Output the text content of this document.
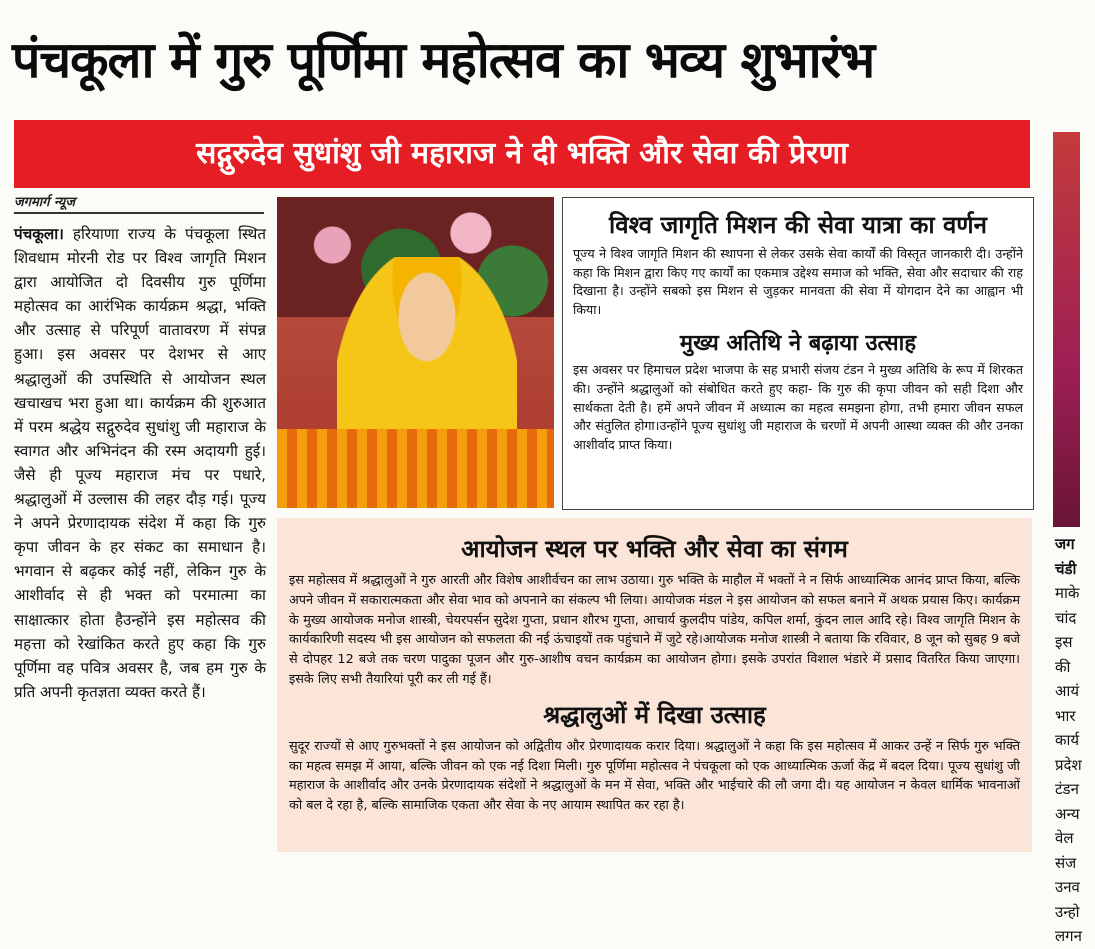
पंचकूला में गुरु पूर्णिमा महोत्सव का भव्य शुभारंभ
सद्गुरुदेव सुधांशु जी महाराज ने दी भक्ति और सेवा की प्रेरणा
जगमार्ग न्यूज
पंचकूला। हरियाणा राज्य के पंचकूला स्थित शिवधाम मोरनी रोड पर विश्व जागृति मिशन द्वारा आयोजित दो दिवसीय गुरु पूर्णिमा महोत्सव का आरंभिक कार्यक्रम श्रद्धा, भक्ति और उत्साह से परिपूर्ण वातावरण में संपन्न हुआ। इस अवसर पर देशभर से आए श्रद्धालुओं की उपस्थिति से आयोजन स्थल खचाखच भरा हुआ था। कार्यक्रम की शुरुआत में परम श्रद्धेय सद्गुरुदेव सुधांशु जी महाराज के स्वागत और अभिनंदन की रस्म अदायगी हुई। जैसे ही पूज्य महाराज मंच पर पधारे, श्रद्धालुओं में उल्लास की लहर दौड़ गई। पूज्य ने अपने प्रेरणादायक संदेश में कहा कि गुरु कृपा जीवन के हर संकट का समाधान है। भगवान से बढ़कर कोई नहीं, लेकिन गुरु के आशीर्वाद से ही भक्त को परमात्मा का साक्षात्कार होता हैउन्होंने इस महोत्सव की महत्ता को रेखांकित करते हुए कहा कि गुरु पूर्णिमा वह पवित्र अवसर है, जब हम गुरु के प्रति अपनी कृतज्ञता व्यक्त करते हैं।
विश्व जागृति मिशन की सेवा यात्रा का वर्णन

पूज्य ने विश्व जागृति मिशन की स्थापना से लेकर उसके सेवा कार्यों की विस्तृत जानकारी दी। उन्होंने कहा कि मिशन द्वारा किए गए कार्यों का एकमात्र उद्देश्य समाज को भक्ति, सेवा और सदाचार की राह दिखाना है। उन्होंने सबको इस मिशन से जुड़कर मानवता की सेवा में योगदान देने का आह्वान भी किया।

मुख्य अतिथि ने बढ़ाया उत्साह

इस अवसर पर हिमाचल प्रदेश भाजपा के सह प्रभारी संजय टंडन ने मुख्य अतिथि के रूप में शिरकत की। उन्होंने श्रद्धालुओं को संबोधित करते हुए कहा- कि गुरु की कृपा जीवन को सही दिशा और सार्थकता देती है। हमें अपने जीवन में अध्यात्म का महत्व समझना होगा, तभी हमारा जीवन सफल और संतुलित होगा।उन्होंने पूज्य सुधांशु जी महाराज के चरणों में अपनी आस्था व्यक्त की और उनका आशीर्वाद प्राप्त किया।

आयोजन स्थल पर भक्ति और सेवा का संगम

इस महोत्सव में श्रद्धालुओं ने गुरु आरती और विशेष आशीर्वचन का लाभ उठाया। गुरु भक्ति के माहौल में भक्तों ने न सिर्फ आध्यात्मिक आनंद प्राप्त किया, बल्कि अपने जीवन में सकारात्मकता और सेवा भाव को अपनाने का संकल्प भी लिया। आयोजक मंडल ने इस आयोजन को सफल बनाने में अथक प्रयास किए। कार्यक्रम के मुख्य आयोजक मनोज शास्त्री, चेयरपर्सन सुदेश गुप्ता, प्रधान शौरभ गुप्ता, आचार्य कुलदीप पांडेय, कपिल शर्मा, कुंदन लाल आदि रहे। विश्व जागृति मिशन के कार्यकारिणी सदस्य भी इस आयोजन को सफलता की नई ऊंचाइयों तक पहुंचाने में जुटे रहे।आयोजक मनोज शास्त्री ने बताया कि रविवार, 8 जून को सुबह 9 बजे से दोपहर 12 बजे तक चरण पादुका पूजन और गुरु-आशीष वचन कार्यक्रम का आयोजन होगा। इसके उपरांत विशाल भंडारे में प्रसाद वितरित किया जाएगा। इसके लिए सभी तैयारियां पूरी कर ली गई हैं।

श्रद्धालुओं में दिखा उत्साह

सुदूर राज्यों से आए गुरुभक्तों ने इस आयोजन को अद्वितीय और प्रेरणादायक करार दिया। श्रद्धालुओं ने कहा कि इस महोत्सव में आकर उन्हें न सिर्फ गुरु भक्ति का महत्व समझ में आया, बल्कि जीवन को एक नई दिशा मिली। गुरु पूर्णिमा महोत्सव ने पंचकूला को एक आध्यात्मिक ऊर्जा केंद्र में बदल दिया। पूज्य सुधांशु जी महाराज के आशीर्वाद और उनके प्रेरणादायक संदेशों ने श्रद्धालुओं के मन में सेवा, भक्ति और भाईचारे की लौ जगा दी। यह आयोजन न केवल धार्मिक भावनाओं को बल दे रहा है, बल्कि सामाजिक एकता और सेवा के नए आयाम स्थापित कर रहा है।

जग
चंडी
माके
चांद
इस
की
आयं
भार
कार्य
प्रदेश
टंडन
अन्य
वेल
संज
उनव
उन्हो
लगन
